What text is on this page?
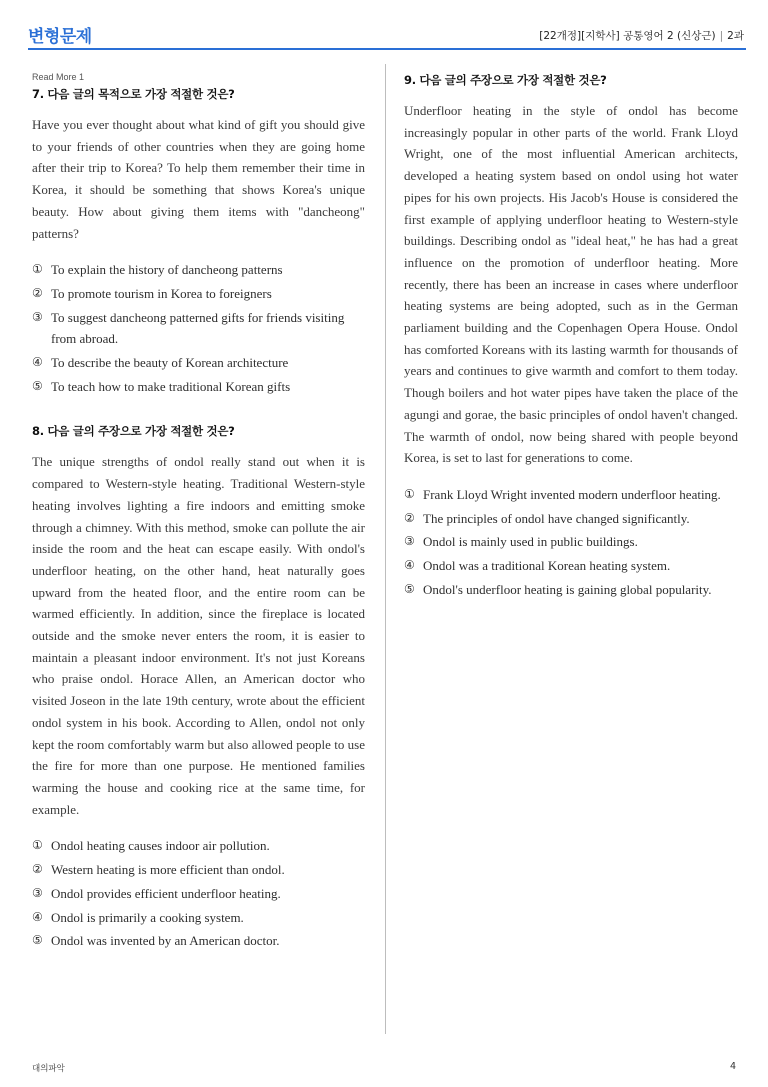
변형문제	[22개정][지학사] 공통영어 2 (신상근) | 2과
Read More 1
7. 다음 글의 목적으로 가장 적절한 것은?

Have you ever thought about what kind of gift you should give to your friends of other countries when they are going home after their trip to Korea? To help them remember their time in Korea, it should be something that shows Korea's unique beauty. How about giving them items with "dancheong" patterns?

① To explain the history of dancheong patterns
② To promote tourism in Korea to foreigners
③ To suggest dancheong patterned gifts for friends visiting from abroad.
④ To describe the beauty of Korean architecture
⑤ To teach how to make traditional Korean gifts
8. 다음 글의 주장으로 가장 적절한 것은?

The unique strengths of ondol really stand out when it is compared to Western-style heating. Traditional Western-style heating involves lighting a fire indoors and emitting smoke through a chimney. With this method, smoke can pollute the air inside the room and the heat can escape easily. With ondol's underfloor heating, on the other hand, heat naturally goes upward from the heated floor, and the entire room can be warmed efficiently. In addition, since the fireplace is located outside and the smoke never enters the room, it is easier to maintain a pleasant indoor environment. It's not just Koreans who praise ondol. Horace Allen, an American doctor who visited Joseon in the late 19th century, wrote about the efficient ondol system in his book. According to Allen, ondol not only kept the room comfortably warm but also allowed people to use the fire for more than one purpose. He mentioned families warming the house and cooking rice at the same time, for example.

① Ondol heating causes indoor air pollution.
② Western heating is more efficient than ondol.
③ Ondol provides efficient underfloor heating.
④ Ondol is primarily a cooking system.
⑤ Ondol was invented by an American doctor.
9. 다음 글의 주장으로 가장 적절한 것은?

Underfloor heating in the style of ondol has become increasingly popular in other parts of the world. Frank Lloyd Wright, one of the most influential American architects, developed a heating system based on ondol using hot water pipes for his own projects. His Jacob's House is considered the first example of applying underfloor heating to Western-style buildings. Describing ondol as "ideal heat," he has had a great influence on the promotion of underfloor heating. More recently, there has been an increase in cases where underfloor heating systems are being adopted, such as in the German parliament building and the Copenhagen Opera House. Ondol has comforted Koreans with its lasting warmth for thousands of years and continues to give warmth and comfort to them today. Though boilers and hot water pipes have taken the place of the agungi and gorae, the basic principles of ondol haven't changed. The warmth of ondol, now being shared with people beyond Korea, is set to last for generations to come.

① Frank Lloyd Wright invented modern underfloor heating.
② The principles of ondol have changed significantly.
③ Ondol is mainly used in public buildings.
④ Ondol was a traditional Korean heating system.
⑤ Ondol's underfloor heating is gaining global popularity.
대의파악	4
